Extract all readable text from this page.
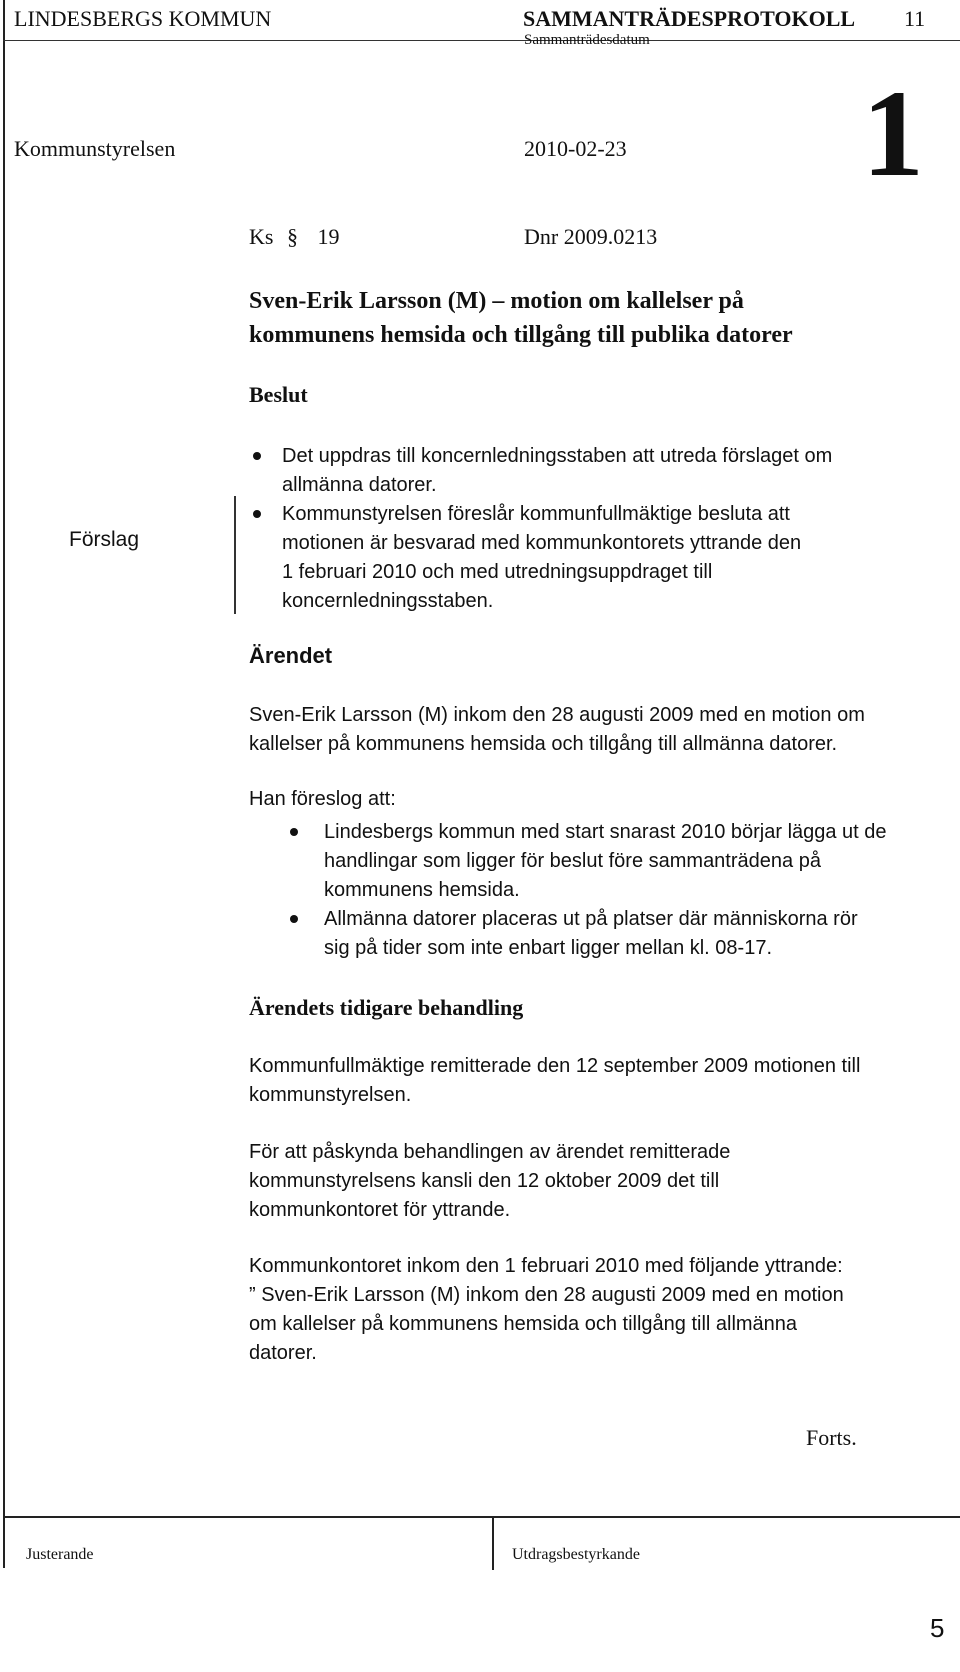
LINDESBERGS KOMMUN	SAMMANTRÄDESPROTOKOLL 11
Sammanträdesdatum
Kommunstyrelsen	2010-02-23 1
Ks § 19	Dnr 2009.0213
Sven-Erik Larsson (M) – motion om kallelser på
kommunens hemsida och tillgång till publika datorer
Beslut
Förslag
Det uppdras till koncernledningsstaben att utreda förslaget om
allmänna datorer.
Kommunstyrelsen föreslår kommunfullmäktige besluta att
motionen är besvarad med kommunkontorets yttrande den
1 februari 2010 och med utredningsuppdraget till
koncernledningsstaben.
Ärendet
Sven-Erik Larsson (M) inkom den 28 augusti 2009 med en motion om
kallelser på kommunens hemsida och tillgång till allmänna datorer.
Han föreslog att:
Lindesbergs kommun med start snarast 2010 börjar lägga ut de
handlingar som ligger för beslut före sammanträdena på
kommunens hemsida.
Allmänna datorer placeras ut på platser där människorna rör
sig på tider som inte enbart ligger mellan kl. 08-17.
Ärendets tidigare behandling
Kommunfullmäktige remitterade den 12 september 2009 motionen till
kommunstyrelsen.
För att påskynda behandlingen av ärendet remitterade
kommunstyrelsens kansli den 12 oktober 2009 det till
kommunkontoret för yttrande.
Kommunkontoret inkom den 1 februari 2010 med följande yttrande:
” Sven-Erik Larsson (M) inkom den 28 augusti 2009 med en motion
om kallelser på kommunens hemsida och tillgång till allmänna
datorer.
Forts.
Justerande	Utdragsbestyrkande
5
